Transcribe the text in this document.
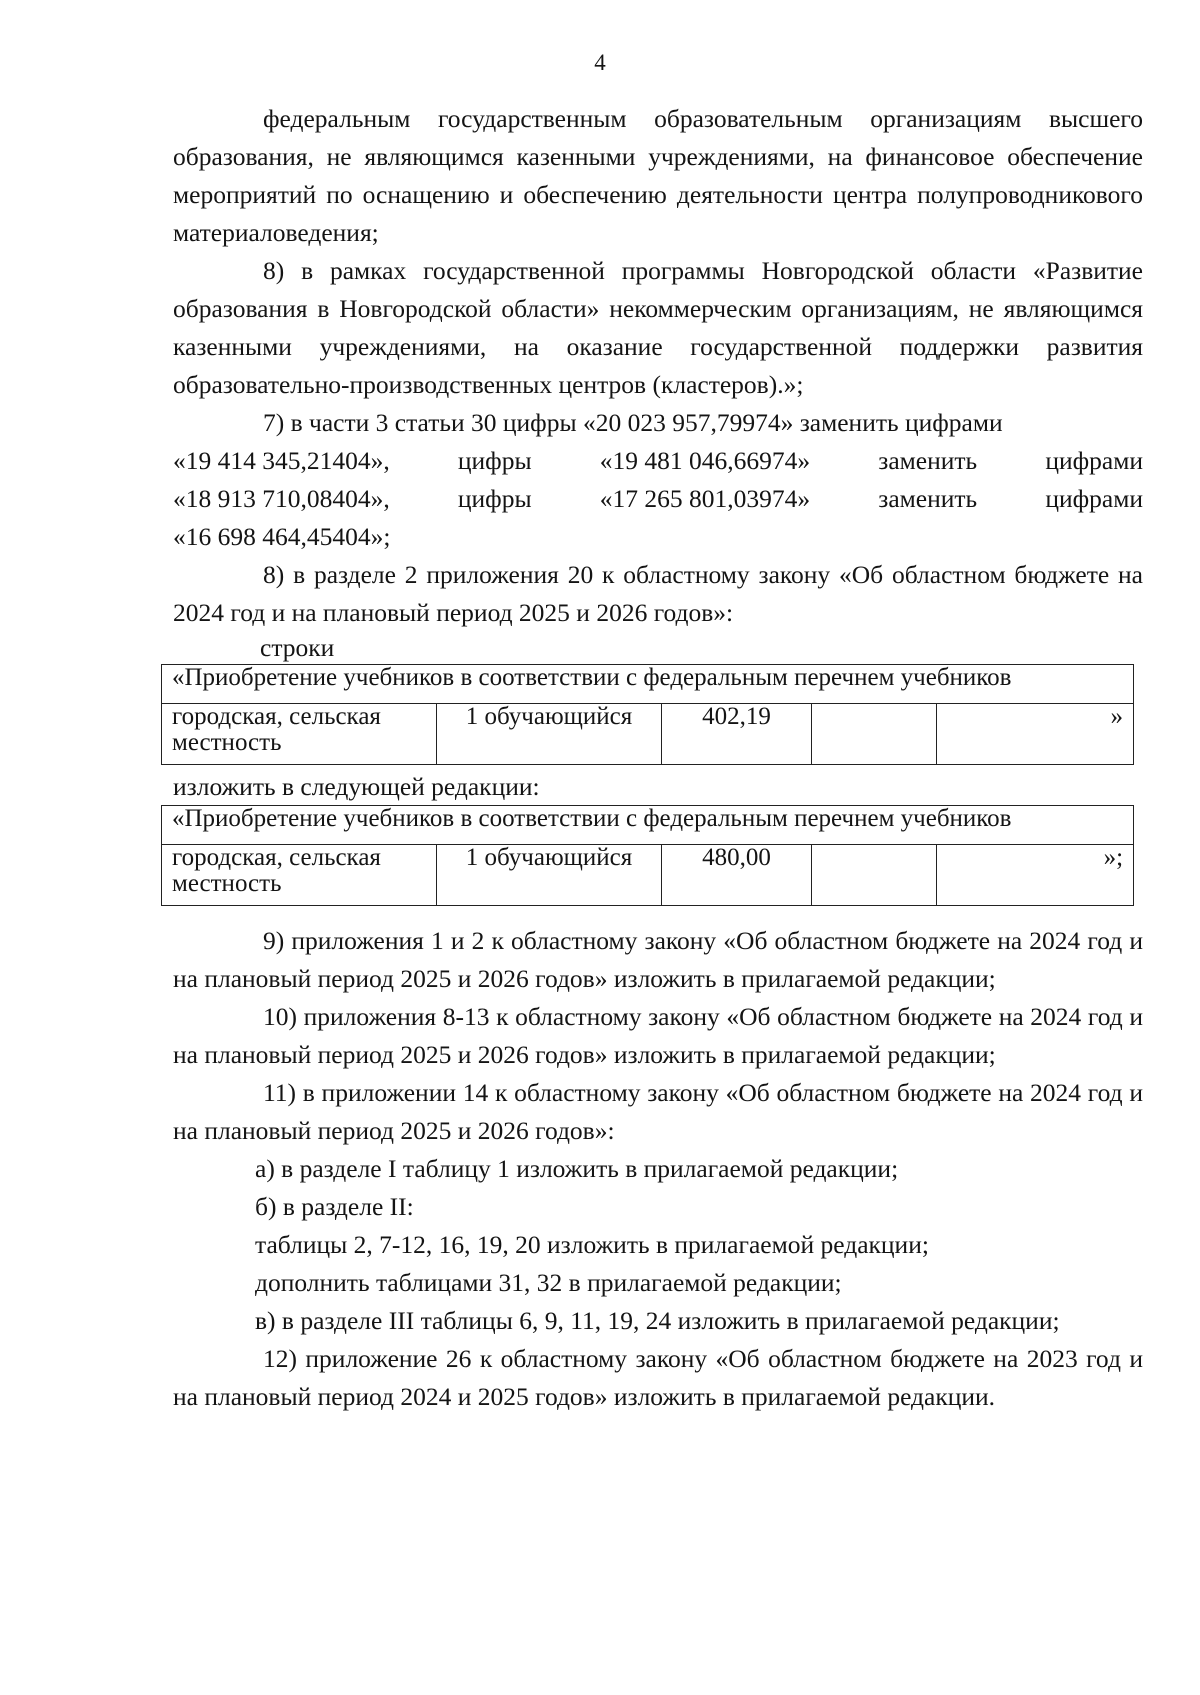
4

федеральным государственным образовательным организациям высшего образования, не являющимся казенными учреждениями, на финансовое обеспечение мероприятий по оснащению и обеспечению деятельности центра полупроводникового материаловедения;

8) в рамках государственной программы Новгородской области «Развитие образования в Новгородской области» некоммерческим организациям, не являющимся казенными учреждениями, на оказание государственной поддержки развития образовательно-производственных центров (кластеров).»;

7) в части 3 статьи 30 цифры «20 023 957,79974» заменить цифрами

«19 414 345,21404»,	цифры	«19 481 046,66974»	заменить	цифрами
«18 913 710,08404»,	цифры	«17 265 801,03974»	заменить	цифрами

«16 698 464,45404»;

8) в разделе 2 приложения 20 к областному закону «Об областном бюджете на 2024 год и на плановый период 2025 и 2026 годов»:

строки

«Приобретение учебников в соответствии с федеральным перечнем учебников
городская, сельская местность	1 обучающийся	402,19		»

изложить в следующей редакции:

«Приобретение учебников в соответствии с федеральным перечнем учебников
городская, сельская местность	1 обучающийся	480,00		»;

9) приложения 1 и 2 к областному закону «Об областном бюджете на 2024 год и на плановый период 2025 и 2026 годов» изложить в прилагаемой редакции;

10) приложения 8-13 к областному закону «Об областном бюджете на 2024 год и на плановый период 2025 и 2026 годов» изложить в прилагаемой редакции;

11) в приложении 14 к областному закону «Об областном бюджете на 2024 год и на плановый период 2025 и 2026 годов»:

а) в разделе I таблицу 1 изложить в прилагаемой редакции;

б) в разделе II:

таблицы 2, 7-12, 16, 19, 20 изложить в прилагаемой редакции;

дополнить таблицами 31, 32 в прилагаемой редакции;

в) в разделе III таблицы 6, 9, 11, 19, 24 изложить в прилагаемой редакции;

12) приложение 26 к областному закону «Об областном бюджете на 2023 год и на плановый период 2024 и 2025 годов» изложить в прилагаемой редакции.
